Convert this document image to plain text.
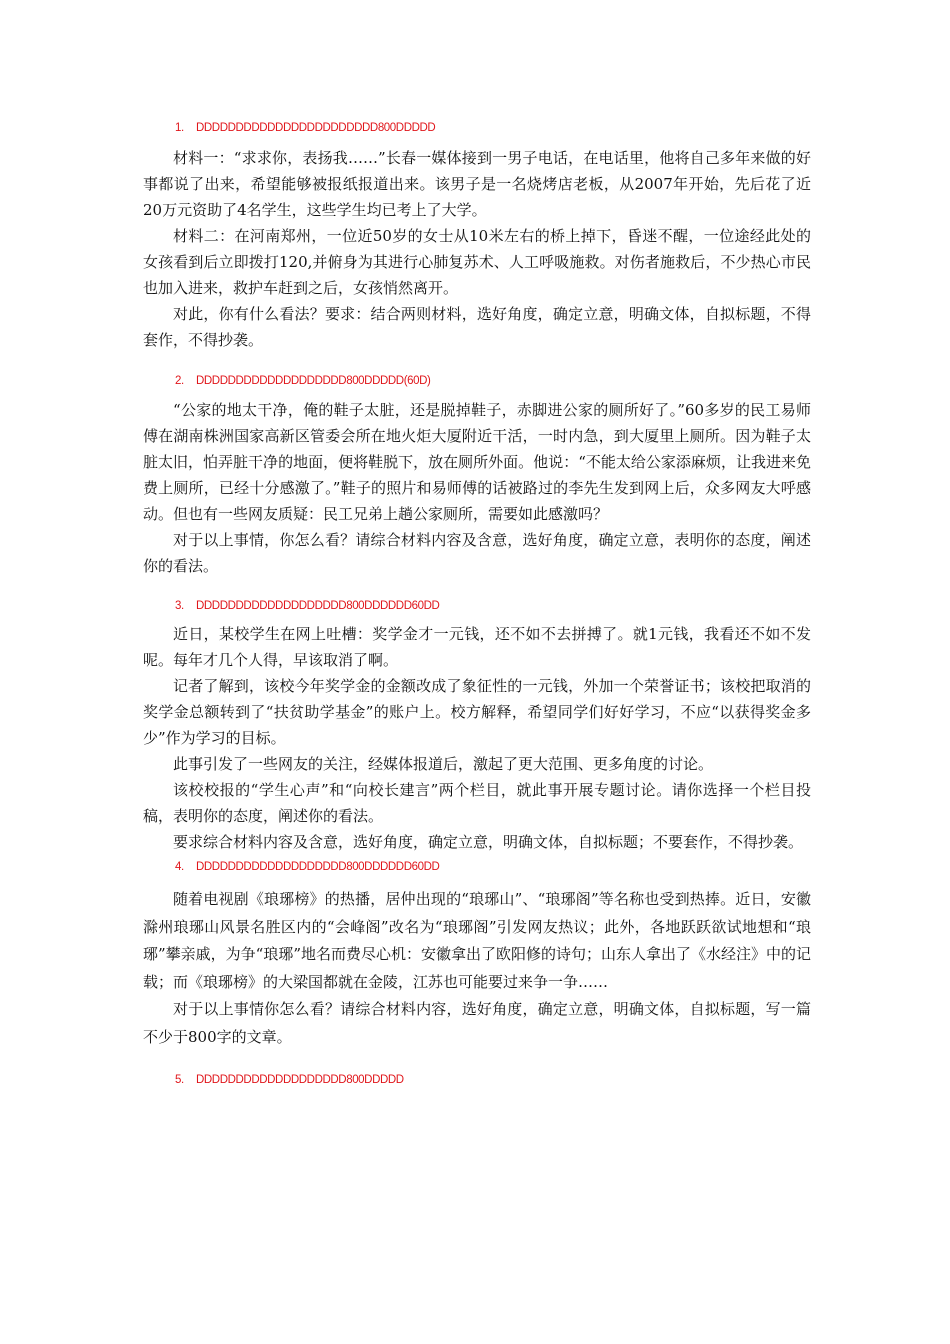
1. DDDDDDDDDDDDDDDDDDDDDDD800DDDDD

材料一：“求求你，表扬我……”长春一媒体接到一男子电话，在电话里，他将自己多年来做的好事都说了出来，希望能够被报纸报道出来。该男子是一名烧烤店老板，从2007年开始，先后花了近20万元资助了4名学生，这些学生均已考上了大学。

材料二：在河南郑州，一位近50岁的女士从10米左右的桥上掉下，昏迷不醒，一位途经此处的女孩看到后立即拨打120,并俯身为其进行心肺复苏术、人工呼吸施救。对伤者施救后，不少热心市民也加入进来，救护车赶到之后，女孩悄然离开。

对此，你有什么看法？要求：结合两则材料，选好角度，确定立意，明确文体，自拟标题，不得套作，不得抄袭。

2. DDDDDDDDDDDDDDDDDDD800DDDDD(60D)

“公家的地太干净，俺的鞋子太脏，还是脱掉鞋子，赤脚进公家的厕所好了。”60多岁的民工易师傅在湖南株洲国家高新区管委会所在地火炬大厦附近干活，一时内急，到大厦里上厕所。因为鞋子太脏太旧，怕弄脏干净的地面，便将鞋脱下，放在厕所外面。他说：“不能太给公家添麻烦，让我进来免费上厕所，已经十分感激了。”鞋子的照片和易师傅的话被路过的李先生发到网上后，众多网友大呼感动。但也有一些网友质疑：民工兄弟上趟公家厕所，需要如此感激吗？

对于以上事情，你怎么看？请综合材料内容及含意，选好角度，确定立意，表明你的态度，阐述你的看法。

3. DDDDDDDDDDDDDDDDDDD800DDDDDD60DD

近日，某校学生在网上吐槽：奖学金才一元钱，还不如不去拼搏了。就1元钱，我看还不如不发呢。每年才几个人得，早该取消了啊。

记者了解到，该校今年奖学金的金额改成了象征性的一元钱，外加一个荣誉证书；该校把取消的奖学金总额转到了“扶贫助学基金”的账户上。校方解释，希望同学们好好学习，不应“以获得奖金多少”作为学习的目标。

此事引发了一些网友的关注，经媒体报道后，激起了更大范围、更多角度的讨论。

该校校报的“学生心声”和“向校长建言”两个栏目，就此事开展专题讨论。请你选择一个栏目投稿，表明你的态度，阐述你的看法。

要求综合材料内容及含意，选好角度，确定立意，明确文体，自拟标题；不要套作，不得抄袭。

4. DDDDDDDDDDDDDDDDDDD800DDDDDD60DD

随着电视剧《琅琊榜》的热播，居仲出现的“琅琊山”、“琅琊阁”等名称也受到热捧。近日，安徽滁州琅琊山风景名胜区内的“会峰阁”改名为“琅琊阁”引发网友热议；此外，各地跃跃欲试地想和“琅琊”攀亲戚，为争“琅琊”地名而费尽心机：安徽拿出了欧阳修的诗句；山东人拿出了《水经注》中的记载；而《琅琊榜》的大梁国都就在金陵，江苏也可能要过来争一争……

对于以上事情你怎么看？请综合材料内容，选好角度，确定立意，明确文体，自拟标题，写一篇不少于800字的文章。

5. DDDDDDDDDDDDDDDDDDD800DDDDD
